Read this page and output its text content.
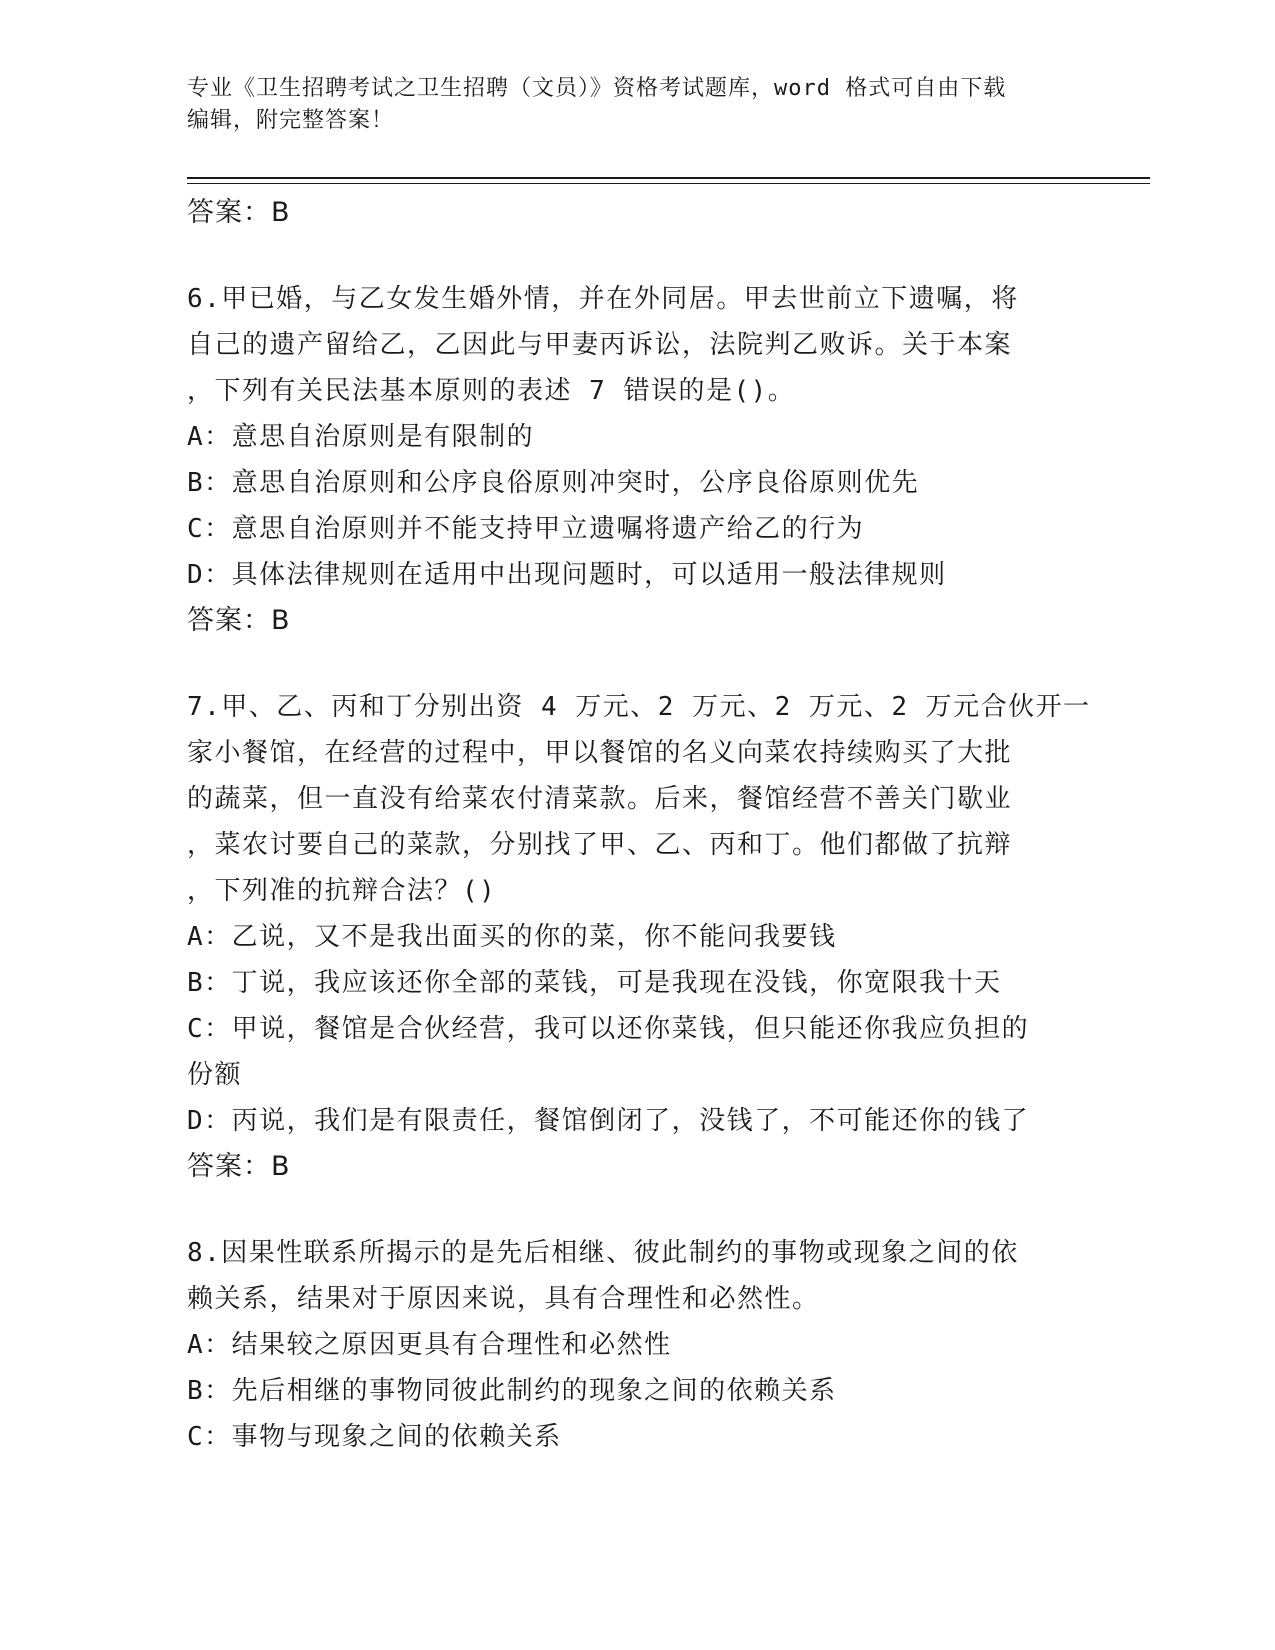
专业《卫生招聘考试之卫生招聘（文员）》资格考试题库，word 格式可自由下载
编辑，附完整答案！
答案：B
6.甲已婚，与乙女发生婚外情，并在外同居。甲去世前立下遗嘱，将
自己的遗产留给乙，乙因此与甲妻丙诉讼，法院判乙败诉。关于本案
，下列有关民法基本原则的表述 7 错误的是()。
A：意思自治原则是有限制的
B：意思自治原则和公序良俗原则冲突时，公序良俗原则优先
C：意思自治原则并不能支持甲立遗嘱将遗产给乙的行为
D：具体法律规则在适用中出现问题时，可以适用一般法律规则
答案：B
7.甲、乙、丙和丁分别出资 4 万元、2 万元、2 万元、2 万元合伙开一
家小餐馆，在经营的过程中，甲以餐馆的名义向菜农持续购买了大批
的蔬菜，但一直没有给菜农付清菜款。后来，餐馆经营不善关门歇业
，菜农讨要自己的菜款，分别找了甲、乙、丙和丁。他们都做了抗辩
，下列准的抗辩合法？()
A：乙说，又不是我出面买的你的菜，你不能问我要钱
B：丁说，我应该还你全部的菜钱，可是我现在没钱，你宽限我十天
C：甲说，餐馆是合伙经营，我可以还你菜钱，但只能还你我应负担的
份额
D：丙说，我们是有限责任，餐馆倒闭了，没钱了，不可能还你的钱了
答案：B
8.因果性联系所揭示的是先后相继、彼此制约的事物或现象之间的依
赖关系，结果对于原因来说，具有合理性和必然性。
A：结果较之原因更具有合理性和必然性
B：先后相继的事物同彼此制约的现象之间的依赖关系
C：事物与现象之间的依赖关系
